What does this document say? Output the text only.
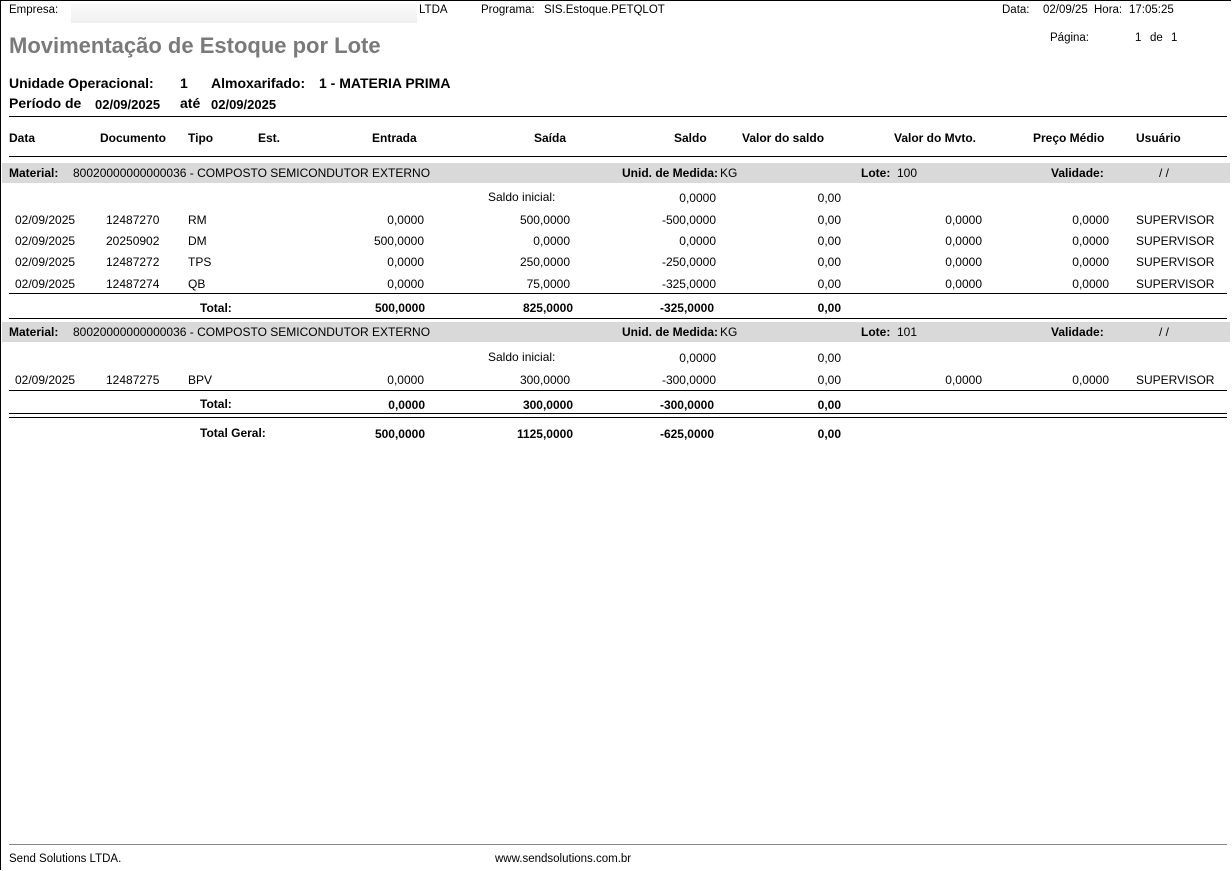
Empresa:	LTDA	Programa: SIS.Estoque.PETQLOT	Data: 02/09/25 Hora: 17:05:25
Página:	1 de 1
Movimentação de Estoque por Lote
Unidade Operacional: 1 Almoxarifado: 1 - MATERIA PRIMA
Período de 02/09/2025 até 02/09/2025
Data	Documento Tipo	Est.	Entrada	Saída	Saldo	Valor do saldo	Valor do Mvto.	Preço Médio	Usuário
Material: 80020000000000036 - COMPOSTO SEMICONDUTOR EXTERNO	Unid. de Medida: KG	Lote: 100	Validade:	/ /
Saldo inicial:	0,0000	0,00
02/09/2025	12487270 RM	0,0000	500,0000	-500,0000	0,00	0,0000	0,0000 SUPERVISOR
02/09/2025	20250902 DM	500,0000	0,0000	0,0000	0,00	0,0000	0,0000 SUPERVISOR
02/09/2025	12487272 TPS	0,0000	250,0000	-250,0000	0,00	0,0000	0,0000 SUPERVISOR
02/09/2025	12487274 QB	0,0000	75,0000	-325,0000	0,00	0,0000	0,0000 SUPERVISOR
Total:	500,0000	825,0000	-325,0000	0,00
Material: 80020000000000036 - COMPOSTO SEMICONDUTOR EXTERNO	Unid. de Medida: KG	Lote: 101	Validade:	/ /
Saldo inicial:	0,0000	0,00
02/09/2025	12487275 BPV	0,0000	300,0000	-300,0000	0,00	0,0000	0,0000 SUPERVISOR
Total:	0,0000	300,0000	-300,0000	0,00
Total Geral:	500,0000	1125,0000	-625,0000	0,00
Send Solutions LTDA.	www.sendsolutions.com.br
